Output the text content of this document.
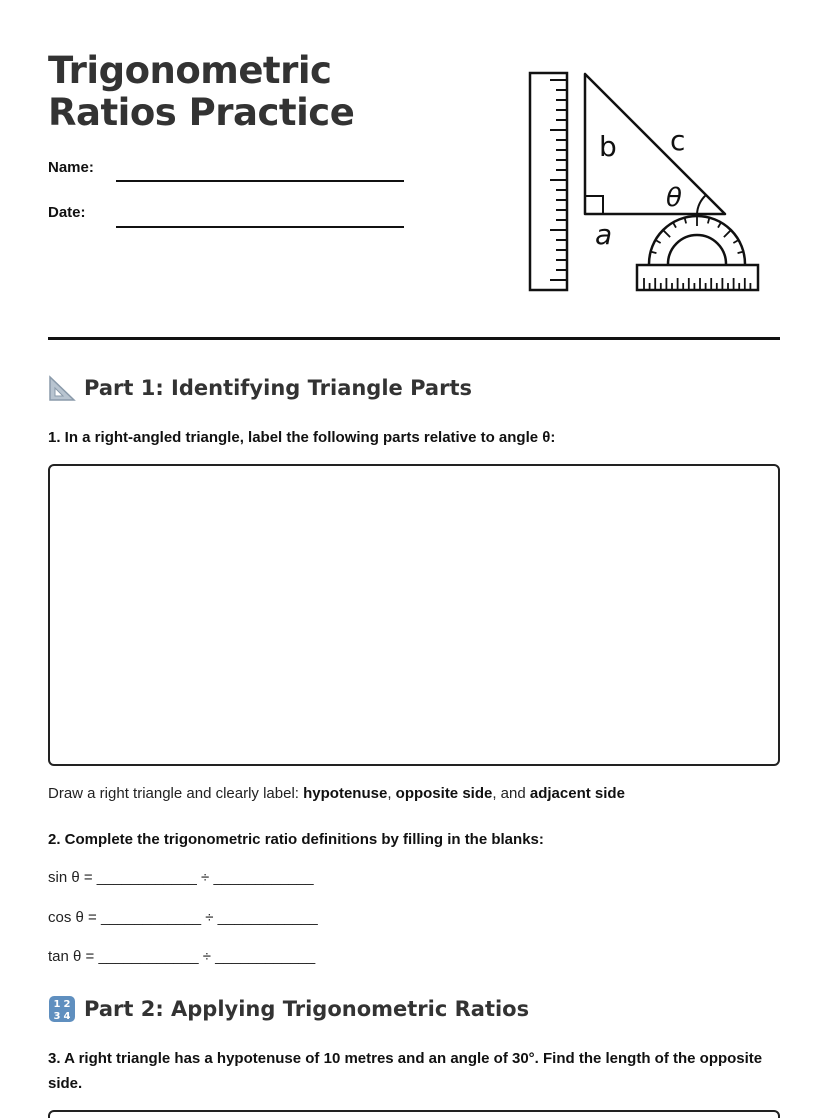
Trigonometric Ratios Practice
Name:
Date:
b c
θ
a
Part 1: Identifying Triangle Parts
1. In a right-angled triangle, label the following parts relative to angle θ:
Draw a right triangle and clearly label: hypotenuse, opposite side, and adjacent side
2. Complete the trigonometric ratio definitions by filling in the blanks:
sin θ = ____________ ÷ ____________
cos θ = ____________ ÷ ____________
tan θ = ____________ ÷ ____________
1 2
3 4 Part 2: Applying Trigonometric Ratios
3. A right triangle has a hypotenuse of 10 metres and an angle of 30°. Find the length of the opposite side.
